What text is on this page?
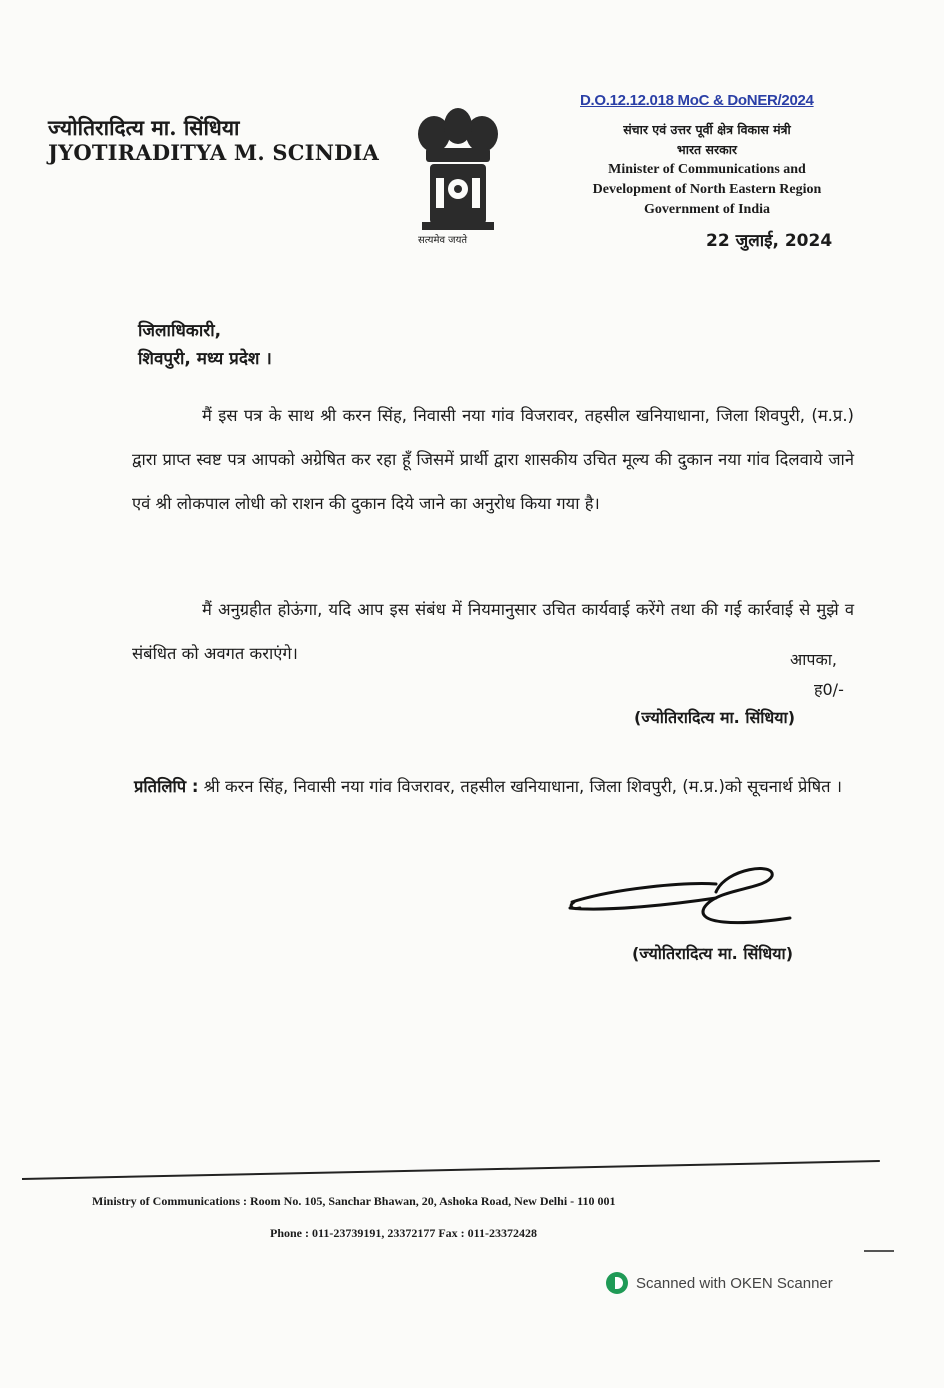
ज्योतिरादित्य मा. सिंधिया
JYOTIRADITYA M. SCINDIA
सत्यमेव जयते
D.O.12.12.018 MoC & DoNER/2024
संचार एवं उत्तर पूर्वी क्षेत्र विकास मंत्री
भारत सरकार
Minister of Communications and
Development of North Eastern Region
Government of India
22 जुलाई, 2024
जिलाधिकारी,
शिवपुरी, मध्य प्रदेश ।
मैं इस पत्र के साथ श्री करन सिंह, निवासी नया गांव विजरावर, तहसील खनियाधाना, जिला शिवपुरी, (म.प्र.) द्वारा प्राप्त स्वष्ट पत्र आपको अग्रेषित कर रहा हूँ जिसमें प्रार्थी द्वारा शासकीय उचित मूल्य की दुकान नया गांव दिलवाये जाने एवं श्री लोकपाल लोधी को राशन की दुकान दिये जाने का अनुरोध किया गया है।
मैं अनुग्रहीत होऊंगा, यदि आप इस संबंध में नियमानुसार उचित कार्यवाई करेंगे तथा की गई कार्रवाई से मुझे व संबंधित को अवगत कराएंगे।	आपका,
ह0/-
(ज्योतिरादित्य मा. सिंधिया)
प्रतिलिपि : श्री करन सिंह, निवासी नया गांव विजरावर, तहसील खनियाधाना, जिला शिवपुरी, (म.प्र.)को सूचनार्थ प्रेषित ।
(ज्योतिरादित्य मा. सिंधिया)
Ministry of Communications : Room No. 105, Sanchar Bhawan, 20, Ashoka Road, New Delhi - 110 001
Phone : 011-23739191, 23372177 Fax : 011-23372428
Scanned with OKEN Scanner
